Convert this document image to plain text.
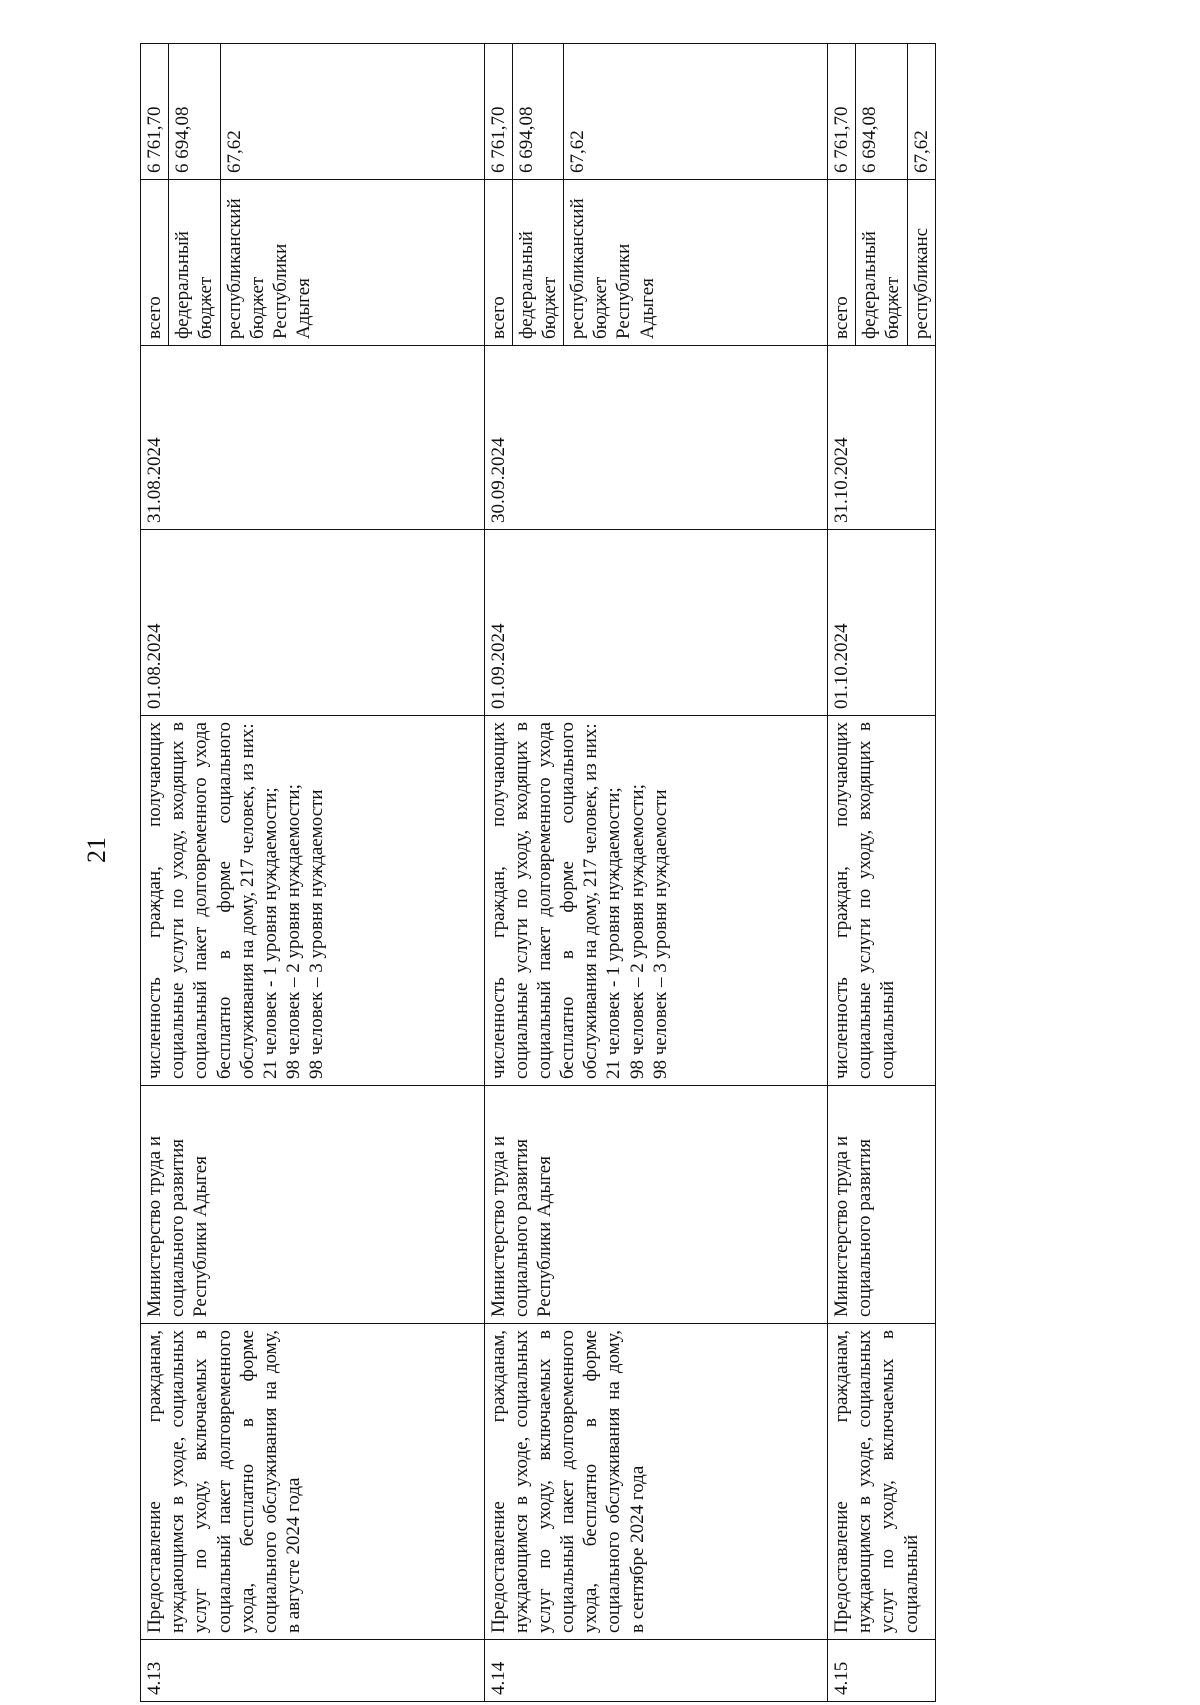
21
4.13	Предоставление гражданам, нуждающимся в уходе, социальных услуг по уходу, включаемых в социальный пакет долговременного ухода, бесплатно в форме социального обслуживания на дому, в августе 2024 года	Министерство труда и социального развития Республики Адыгея	численность граждан, получающих социальные услуги по уходу, входящих в социальный пакет долговременного ухода бесплатно в форме социального обслуживания на дому, 217 человек, из них:
21 человек - 1 уровня нуждаемости;
98 человек – 2 уровня нуждаемости;
98 человек – 3 уровня нуждаемости	01.08.2024	31.08.2024	всего	6 761,70
						федеральный бюджет	6 694,08
						республиканский бюджет Республики Адыгея	67,62
4.14	Предоставление гражданам, нуждающимся в уходе, социальных услуг по уходу, включаемых в социальный пакет долговременного ухода, бесплатно в форме социального обслуживания на дому, в сентябре 2024 года	Министерство труда и социального развития Республики Адыгея	численность граждан, получающих социальные услуги по уходу, входящих в социальный пакет долговременного ухода бесплатно в форме социального обслуживания на дому, 217 человек, из них:
21 человек - 1 уровня нуждаемости;
98 человек – 2 уровня нуждаемости;
98 человек – 3 уровня нуждаемости	01.09.2024	30.09.2024	всего	6 761,70
						федеральный бюджет	6 694,08
						республиканский бюджет Республики Адыгея	67,62
4.15	Предоставление гражданам, нуждающимся в уходе, социальных услуг по уходу, включаемых в социальный	Министерство труда и социального развития	численность граждан, получающих социальные услуги по уходу, входящих в социальный	01.10.2024	31.10.2024	всего	6 761,70
						федеральный бюджет	6 694,08
						республиканс	67,62
